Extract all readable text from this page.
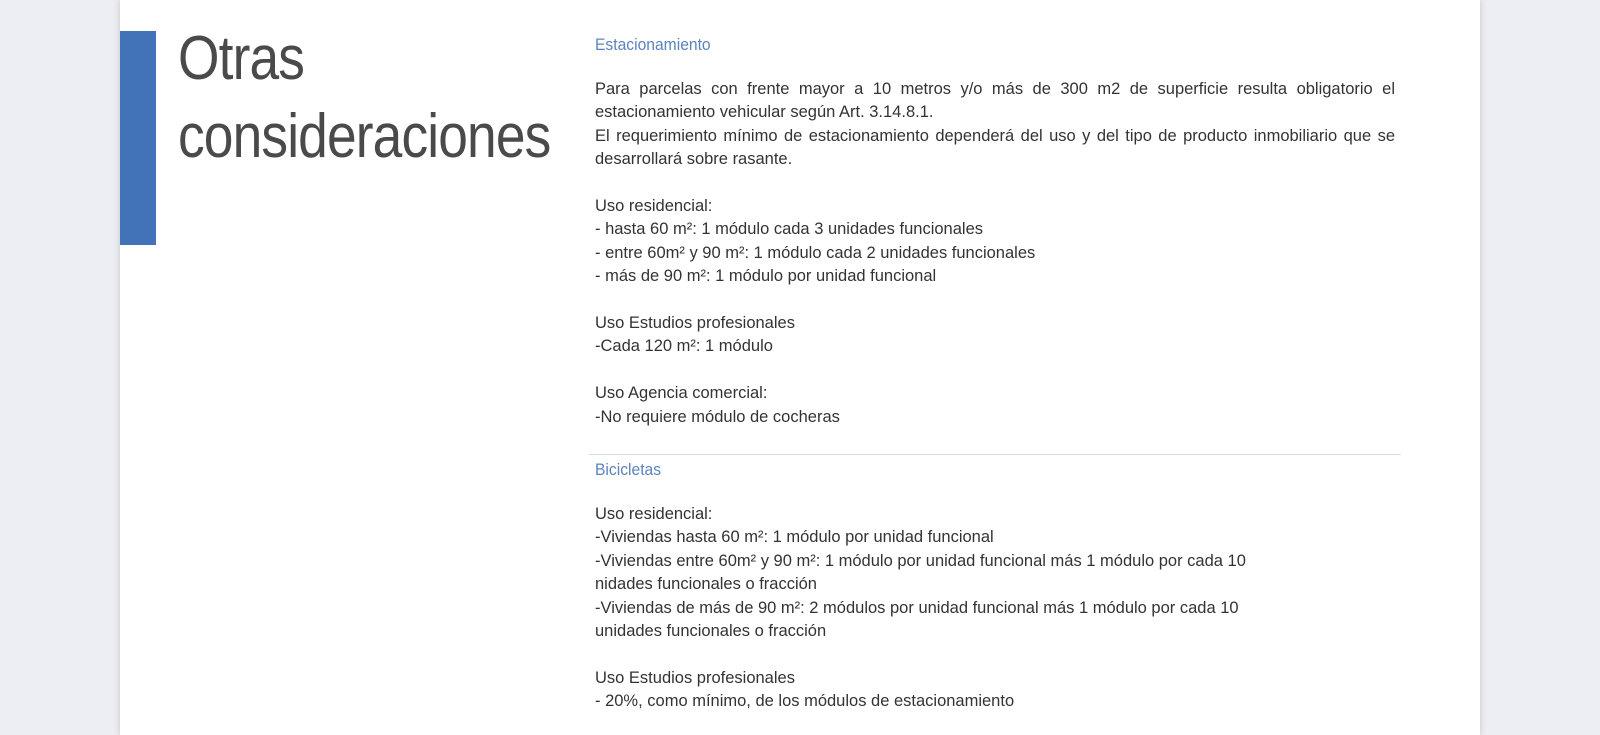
Otras
consideraciones
Estacionamiento

Para parcelas con frente mayor a 10 metros y/o más de 300 m2 de superficie resulta obligatorio el estacionamiento vehicular según Art. 3.14.8.1.

El requerimiento mínimo de estacionamiento dependerá del uso y del tipo de producto inmobiliario que se desarrollará sobre rasante.

Uso residencial:

- hasta 60 m²: 1 módulo cada 3 unidades funcionales

- entre 60m² y 90 m²: 1 módulo cada 2 unidades funcionales

- más de 90 m²: 1 módulo por unidad funcional

Uso Estudios profesionales

-Cada 120 m²: 1 módulo

Uso Agencia comercial:

-No requiere módulo de cocheras

Bicicletas

Uso residencial:

-Viviendas hasta 60 m²: 1 módulo por unidad funcional

-Viviendas entre 60m² y 90 m²: 1 módulo por unidad funcional más 1 módulo por cada 10

nidades funcionales o fracción

-Viviendas de más de 90 m²: 2 módulos por unidad funcional más 1 módulo por cada 10

unidades funcionales o fracción

Uso Estudios profesionales

- 20%, como mínimo, de los módulos de estacionamiento
